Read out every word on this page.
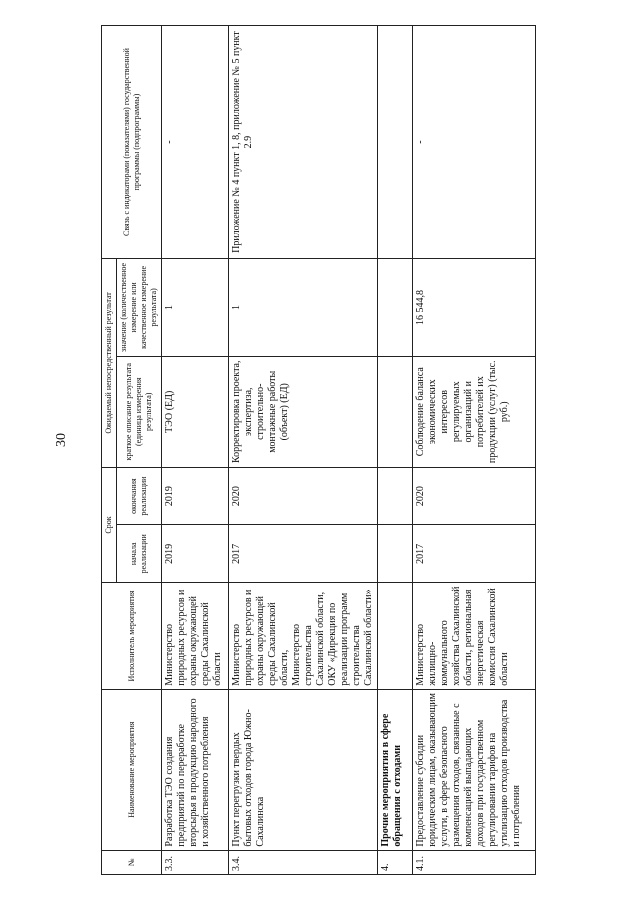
30
№	Наименование мероприятия	Исполнитель мероприятия	Срок		Ожидаемый непосредственный результат		Связь с индикаторами (показателями) государственной программы (подпрограммы)
			начала реализации	окончания реализации	краткое описание результата (единица измерения результата)	значение (количественное измерение или качественное измерение результата)	
3.3.	Разработка ТЭО создания предприятий по переработке вторсырья в продукцию народного и хозяйственного потребления	Министерство природных ресурсов и охраны окружающей среды Сахалинской области	2019	2019	ТЭО (ЕД)	1	-
3.4.	Пункт перегрузки твердых бытовых отходов города Южно-Сахалинска	Министерство природных ресурсов и охраны окружающей среды Сахалинской области, Министерство строительства Сахалинской области, ОКУ «Дирекция по реализации программ строительства Сахалинской области»	2017	2020	Корректировка проекта, экспертиза, строительно-монтажные работы (объект) (ЕД)	1	Приложение № 4 пункт 1, 8, приложение № 5 пункт 2.9
4.	Прочие мероприятия в сфере обращения с отходами						
4.1.	Предоставление субсидии юридическим лицам, оказывающим услуги, в сфере безопасного размещения отходов, связанные с компенсацией выпадающих доходов при государственном регулировании тарифов на утилизацию отходов производства и потребления	Министерство жилищно-коммунального хозяйства Сахалинской области, региональная энергетическая комиссия Сахалинской области	2017	2020	Соблюдение баланса экономических интересов регулируемых организаций и потребителей их продукции (услуг) (тыс. руб.)	16 544,8	-
